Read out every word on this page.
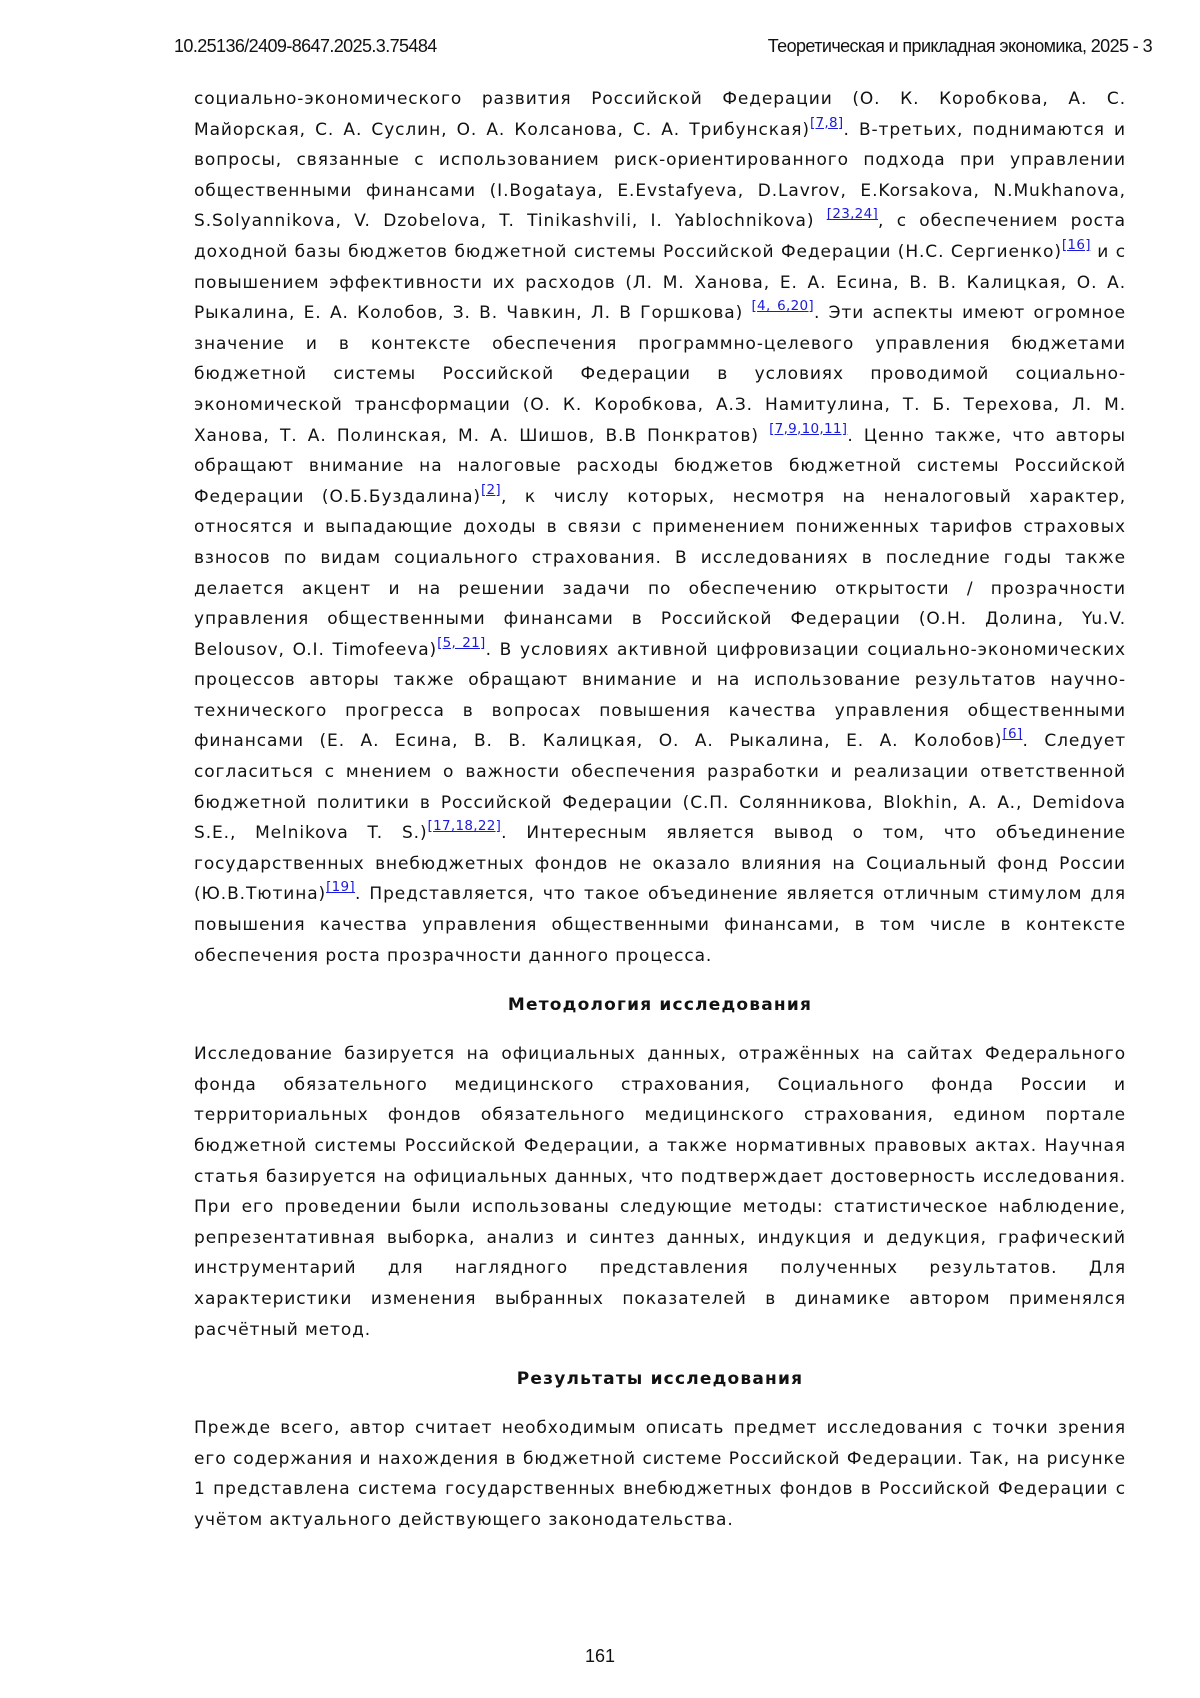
10.25136/2409-8647.2025.3.75484	Теоретическая и прикладная экономика, 2025 - 3

социально-экономического развития Российской Федерации (О. К. Коробкова, А. С. Майорская, С. А. Суслин, О. А. Колсанова, С. А. Трибунская)[7,8]. В-третьих, поднимаются и вопросы, связанные с использованием риск-ориентированного подхода при управлении общественными финансами (I.Bogataya, E.Evstafyeva, D.Lavrov, E.Korsakova, N.Mukhanova, S.Solyannikova, V. Dzobelova, T. Tinikashvili, I. Yablochnikova) [23,24], с обеспечением роста доходной базы бюджетов бюджетной системы Российской Федерации (Н.С. Сергиенко)[16] и с повышением эффективности их расходов (Л. М. Ханова, Е. А. Есина, В. В. Калицкая, О. А. Рыкалина, Е. А. Колобов, З. В. Чавкин, Л. В Горшкова) [4, 6,20]. Эти аспекты имеют огромное значение и в контексте обеспечения программно-целевого управления бюджетами бюджетной системы Российской Федерации в условиях проводимой социально-экономической трансформации (О. К. Коробкова, А.З. Намитулина, Т. Б. Терехова, Л. М. Ханова, Т. А. Полинская, М. А. Шишов, В.В Понкратов) [7,9,10,11]. Ценно также, что авторы обращают внимание на налоговые расходы бюджетов бюджетной системы Российской Федерации (О.Б.Буздалина)[2], к числу которых, несмотря на неналоговый характер, относятся и выпадающие доходы в связи с применением пониженных тарифов страховых взносов по видам социального страхования. В исследованиях в последние годы также делается акцент и на решении задачи по обеспечению открытости / прозрачности управления общественными финансами в Российской Федерации (О.Н. Долина, Yu.V. Belousov, O.I. Timofeeva)[5, 21]. В условиях активной цифровизации социально-экономических процессов авторы также обращают внимание и на использование результатов научно-технического прогресса в вопросах повышения качества управления общественными финансами (Е. А. Есина, В. В. Калицкая, О. А. Рыкалина, Е. А. Колобов)[6]. Следует согласиться с мнением о важности обеспечения разработки и реализации ответственной бюджетной политики в Российской Федерации (С.П. Солянникова, Blokhin, A. A., Demidova S.E., Melnikova T. S.)[17,18,22]. Интересным является вывод о том, что объединение государственных внебюджетных фондов не оказало влияния на Социальный фонд России (Ю.В.Тютина)[19]. Представляется, что такое объединение является отличным стимулом для повышения качества управления общественными финансами, в том числе в контексте обеспечения роста прозрачности данного процесса.

Методология исследования

Исследование базируется на официальных данных, отражённых на сайтах Федерального фонда обязательного медицинского страхования, Социального фонда России и территориальных фондов обязательного медицинского страхования, едином портале бюджетной системы Российской Федерации, а также нормативных правовых актах. Научная статья базируется на официальных данных, что подтверждает достоверность исследования. При его проведении были использованы следующие методы: статистическое наблюдение, репрезентативная выборка, анализ и синтез данных, индукция и дедукция, графический инструментарий для наглядного представления полученных результатов. Для характеристики изменения выбранных показателей в динамике автором применялся расчётный метод.

Результаты исследования

Прежде всего, автор считает необходимым описать предмет исследования с точки зрения его содержания и нахождения в бюджетной системе Российской Федерации. Так, на рисунке 1 представлена система государственных внебюджетных фондов в Российской Федерации с учётом актуального действующего законодательства.

161
